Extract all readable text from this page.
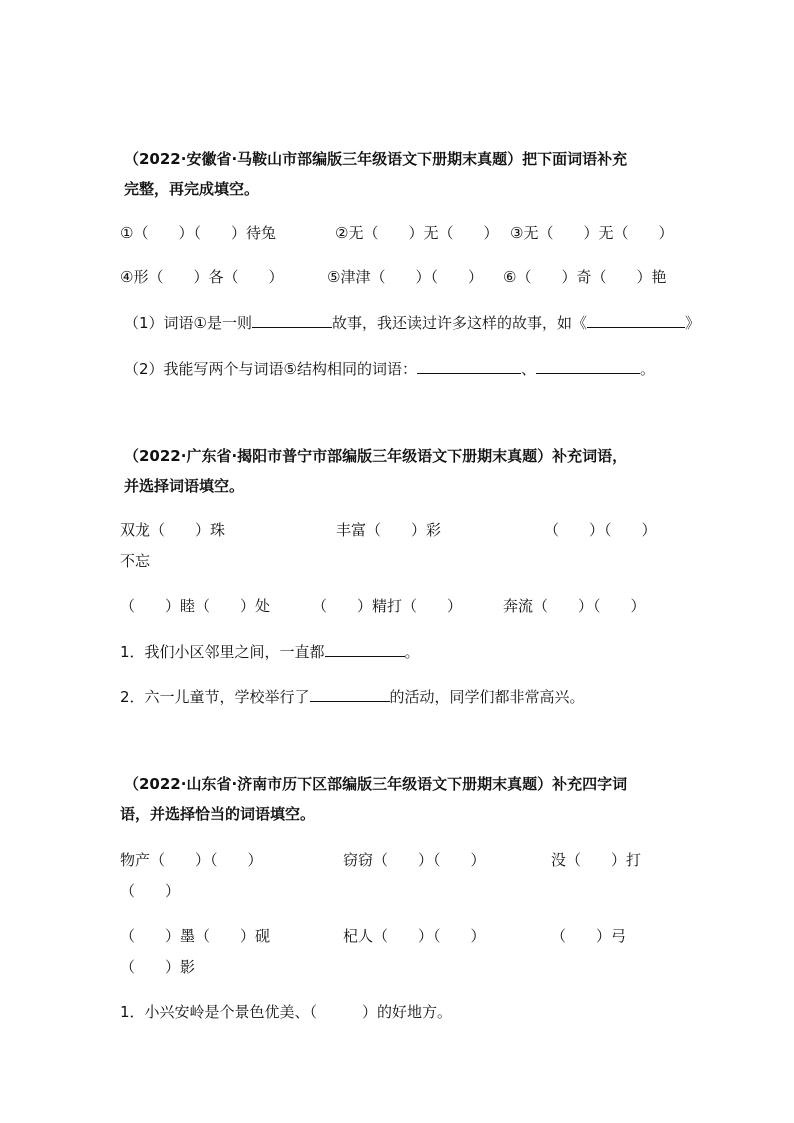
（2022·安徽省·马鞍山市部编版三年级语文下册期末真题）把下面词语补充
完整，再完成填空。
①（　　）（　　）待兔	②无（　　）无（　　） ③无（　　）无（　　）
④形（　　）各（　　）	⑤津津（　　）（　　） ⑥（　　）奇（　　）艳
（1）词语①是一则	故事，我还读过许多这样的故事，如《	》
（2）我能写两个与词语⑤结构相同的词语：	、	。
（2022·广东省·揭阳市普宁市部编版三年级语文下册期末真题）补充词语，
并选择词语填空。
双龙（　　）珠	丰富（　　）彩	（　　）（　　）
不忘
（　　）睦（　　）处	（　　）精打（　　）	奔流（　　）（　　）
1．我们小区邻里之间，一直都	。
2．六一儿童节，学校举行了	的活动，同学们都非常高兴。
（2022·山东省·济南市历下区部编版三年级语文下册期末真题）补充四字词
语，并选择恰当的词语填空。
物产（　　）（　　）	窃窃（　　）（　　）	没（　　）打
（　　）
（　　）墨（　　）砚	杞人（　　）（　　）	（　　）弓
（　　）影
1．小兴安岭是个景色优美、（　　　）的好地方。
